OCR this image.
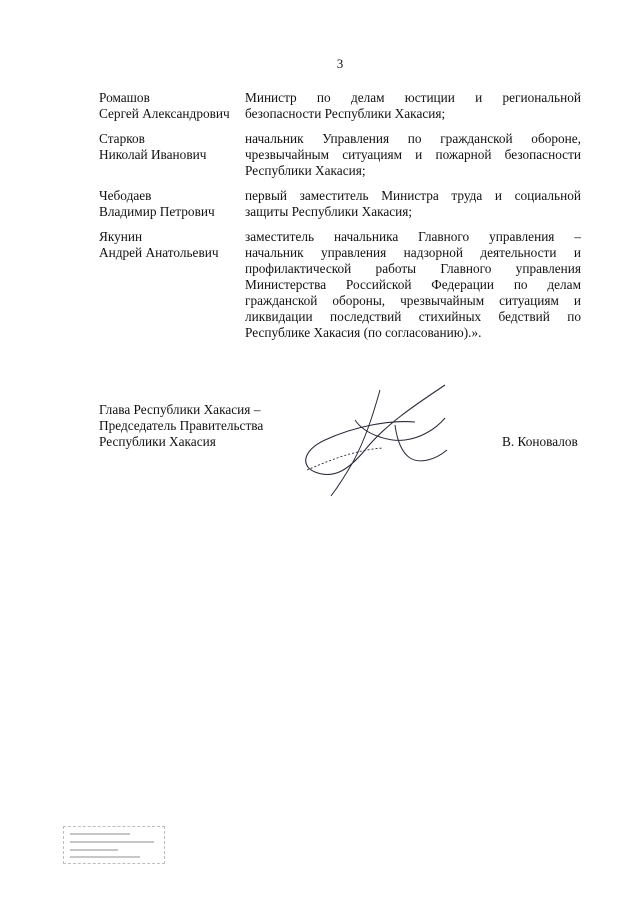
3
Ромашов
Сергей Александрович
Министр по делам юстиции и региональной
безопасности Республики Хакасия;
Старков
Николай Иванович
начальник Управления по гражданской обороне,
чрезвычайным ситуациям и пожарной безопасности
Республики Хакасия;
Чебодаев
Владимир Петрович
первый заместитель Министра труда и социальной
защиты Республики Хакасия;
Якунин
Андрей Анатольевич
заместитель начальника Главного управления –
начальник управления надзорной деятельности и
профилактической работы Главного управления
Министерства Российской Федерации по делам
гражданской обороны, чрезвычайным ситуациям и
ликвидации последствий стихийных бедствий по
Республике Хакасия (по согласованию).».
Глава Республики Хакасия –
Председатель Правительства
Республики Хакасия	В. Коновалов
